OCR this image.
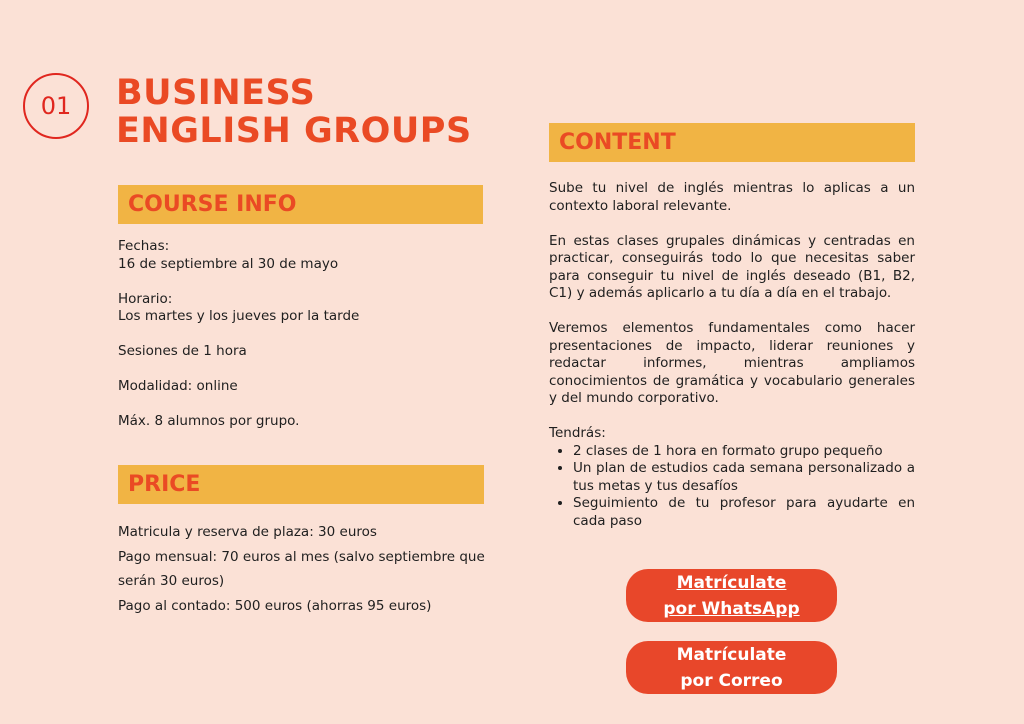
01	BUSINESS
ENGLISH GROUPS
COURSE INFO

Fechas:
16 de septiembre al 30 de mayo

Horario:
Los martes y los jueves por la tarde

Sesiones de 1 hora

Modalidad: online

Máx. 8 alumnos por grupo.

PRICE

Matricula y reserva de plaza: 30 euros

Pago mensual: 70 euros al mes (salvo septiembre que serán 30 euros)

Pago al contado: 500 euros (ahorras 95 euros)

CONTENT

Sube tu nivel de inglés mientras lo aplicas a un contexto laboral relevante.

En estas clases grupales dinámicas y centradas en practicar, conseguirás todo lo que necesitas saber para conseguir tu nivel de inglés deseado (B1, B2, C1) y además aplicarlo a tu día a día en el trabajo.

Veremos elementos fundamentales como hacer presentaciones de impacto, liderar reuniones y redactar informes, mientras ampliamos conocimientos de gramática y vocabulario generales y del mundo corporativo.

Tendrás:

• 2 clases de 1 hora en formato grupo pequeño
• Un plan de estudios cada semana personalizado a tus metas y tus desafíos
• Seguimiento de tu profesor para ayudarte en cada paso
Matrículate
por WhatsApp
Matrículate
por Correo
